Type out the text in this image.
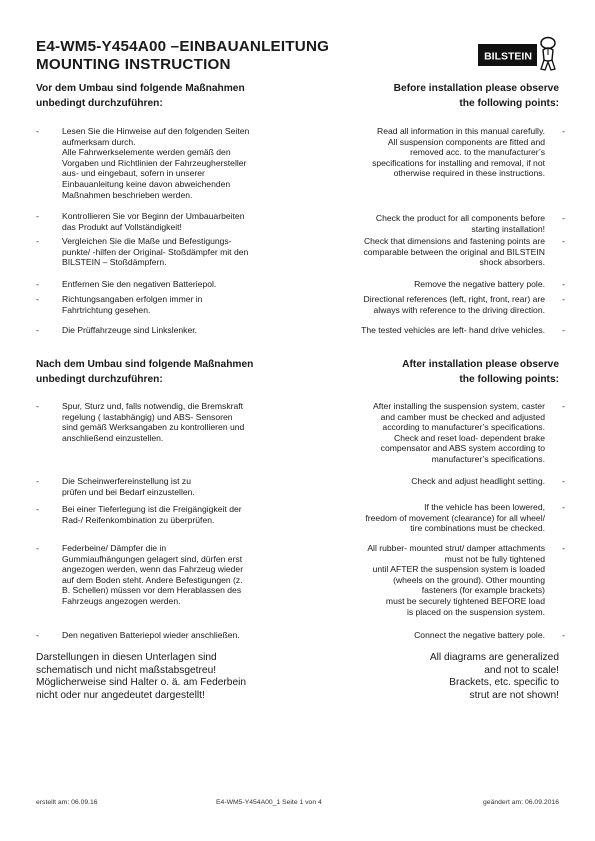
E4-WM5-Y454A00 –EINBAUANLEITUNG
MOUNTING INSTRUCTION	BILSTEIN
Vor dem Umbau sind folgende Maßnahmen
unbedingt durchzuführen:
Before installation please observe
the following points:
Nach dem Umbau sind folgende Maßnahmen
unbedingt durchzuführen:
After installation please observe
the following points:
-	Lesen Sie die Hinweise auf den folgenden Seiten
aufmerksam durch.
Alle Fahrwerkselemente werden gemäß den
Vorgaben und Richtlinien der Fahrzeughersteller
aus- und eingebaut, sofern in unserer
Einbauanleitung keine davon abweichenden
Maßnahmen beschrieben werden.
-	Kontrollieren Sie vor Beginn der Umbauarbeiten
das Produkt auf Vollständigkeit!
-	Vergleichen Sie die Maße und Befestigungs-
punkte/ -hilfen der Original- Stoßdämpfer mit den
BILSTEIN – Stoßdämpfern.
-	Entfernen Sie den negativen Batteriepol.
-	Richtungsangaben erfolgen immer in
Fahrtrichtung gesehen.
-	Die Prüffahrzeuge sind Linkslenker.
-
Read all information in this manual carefully.
All suspension components are fitted and
removed acc. to the manufacturer’s
specifications for installing and removal, if not
otherwise required in these instructions.
-
Check the product for all components before
starting installation!
-
Check that dimensions and fastening points are
comparable between the original and BILSTEIN
shock absorbers.
-
Remove the negative battery pole.
-
Directional references (left, right, front, rear) are
always with reference to the driving direction.
-
The tested vehicles are left- hand drive vehicles.
-	Spur, Sturz und, falls notwendig, die Bremskraft
regelung ( lastabhängig) und ABS- Sensoren
sind gemäß Werksangaben zu kontrollieren und
anschließend einzustellen.
-	Die Scheinwerfereinstellung ist zu
prüfen und bei Bedarf einzustellen.
-	Bei einer Tieferlegung ist die Freigängigkeit der
Rad-/ Reifenkombination zu überprüfen.
-	Federbeine/ Dämpfer die in
Gummiaufhängungen gelagert sind, dürfen erst
angezogen werden, wenn das Fahrzeug wieder
auf dem Boden steht. Andere Befestigungen (z.
B. Schellen) müssen vor dem Herablassen des
Fahrzeugs angezogen werden.
-	Den negativen Batteriepol wieder anschließen.
-
After installing the suspension system, caster
and camber must be checked and adjusted
according to manufacturer’s specifications.
Check and reset load- dependent brake
compensator and ABS system according to
manufacturer’s specifications.
-
Check and adjust headlight setting.
-
If the vehicle has been lowered,
freedom of movement (clearance) for all wheel/
tire combinations must be checked.
-
All rubber- mounted strut/ damper attachments
must not be fully tightened
until AFTER the suspension system is loaded
(wheels on the ground). Other mounting
fasteners (for example brackets)
must be securely tightened BEFORE load
is placed on the suspension system.
-
Connect the negative battery pole.
Darstellungen in diesen Unterlagen sind
schematisch und nicht maßstabsgetreu!
Möglicherweise sind Halter o. ä. am Federbein
nicht oder nur angedeutet dargestellt!
All diagrams are generalized
and not to scale!
Brackets, etc. specific to
strut are not shown!
erstellt am: 06.09.16	E4-WM5-Y454A00_1 Seite 1 von 4	geändert am: 06.09.2016
